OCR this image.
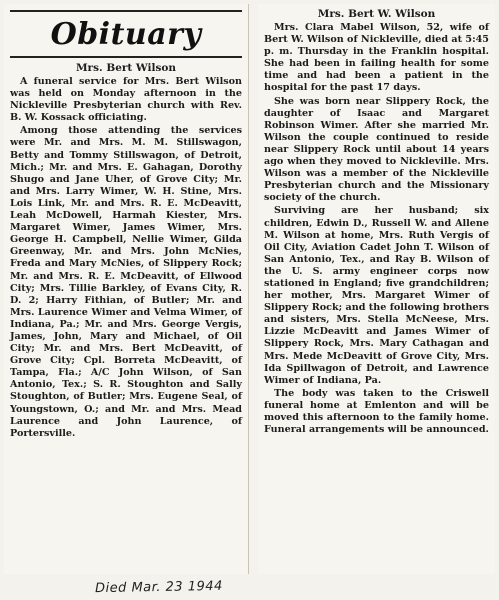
Obituary
Mrs. Bert Wilson

A funeral service for Mrs. Bert Wilson was held on Monday afternoon in the Nickleville Presbyterian church with Rev. B. W. Kossack officiating.

Among those attending the services were Mr. and Mrs. M. M. Stillswagon, Betty and Tommy Stillswagon, of Detroit, Mich.; Mr. and Mrs. E. Gahagan, Dorothy Shugo and Jane Uher, of Grove City; Mr. and Mrs. Larry Wimer, W. H. Stine, Mrs. Lois Link, Mr. and Mrs. R. E. McDeavitt, Leah McDowell, Harmah Kiester, Mrs. Margaret Wimer, James Wimer, Mrs. George H. Campbell, Nellie Wimer, Gilda Greenway, Mr. and Mrs. John McNies, Freda and Mary McNies, of Slippery Rock; Mr. and Mrs. R. E. McDeavitt, of Ellwood City; Mrs. Tillie Barkley, of Evans City, R. D. 2; Harry Fithian, of Butler; Mr. and Mrs. Laurence Wimer and Velma Wimer, of Indiana, Pa.; Mr. and Mrs. George Vergis, James, John, Mary and Michael, of Oil City; Mr. and Mrs. Bert McDeavitt, of Grove City; Cpl. Borreta McDeavitt, of Tampa, Fla.; A/C John Wilson, of San Antonio, Tex.; S. R. Stoughton and Sally Stoughton, of Butler; Mrs. Eugene Seal, of Youngstown, O.; and Mr. and Mrs. Mead Laurence and John Laurence, of Portersville.

Mrs. Bert W. Wilson

Mrs. Clara Mabel Wilson, 52, wife of Bert W. Wilson of Nickleville, died at 5:45 p. m. Thursday in the Franklin hospital. She had been in failing health for some time and had been a patient in the hospital for the past 17 days.

She was born near Slippery Rock, the daughter of Isaac and Margaret Robinson Wimer. After she married Mr. Wilson the couple continued to reside near Slippery Rock until about 14 years ago when they moved to Nickleville. Mrs. Wilson was a member of the Nickleville Presbyterian church and the Missionary society of the church.

Surviving are her husband; six children, Edwin D., Russell W. and Allene M. Wilson at home, Mrs. Ruth Vergis of Oil City, Aviation Cadet John T. Wilson of San Antonio, Tex., and Ray B. Wilson of the U. S. army engineer corps now stationed in England; five grandchildren; her mother, Mrs. Margaret Wimer of Slippery Rock; and the following brothers and sisters, Mrs. Stella McNeese, Mrs. Lizzie McDeavitt and James Wimer of Slippery Rock, Mrs. Mary Cathagan and Mrs. Mede McDeavitt of Grove City, Mrs. Ida Spillwagon of Detroit, and Lawrence Wimer of Indiana, Pa.

The body was taken to the Criswell funeral home at Emlenton and will be moved this afternoon to the family home. Funeral arrangements will be announced.

Died Mar. 23 1944
